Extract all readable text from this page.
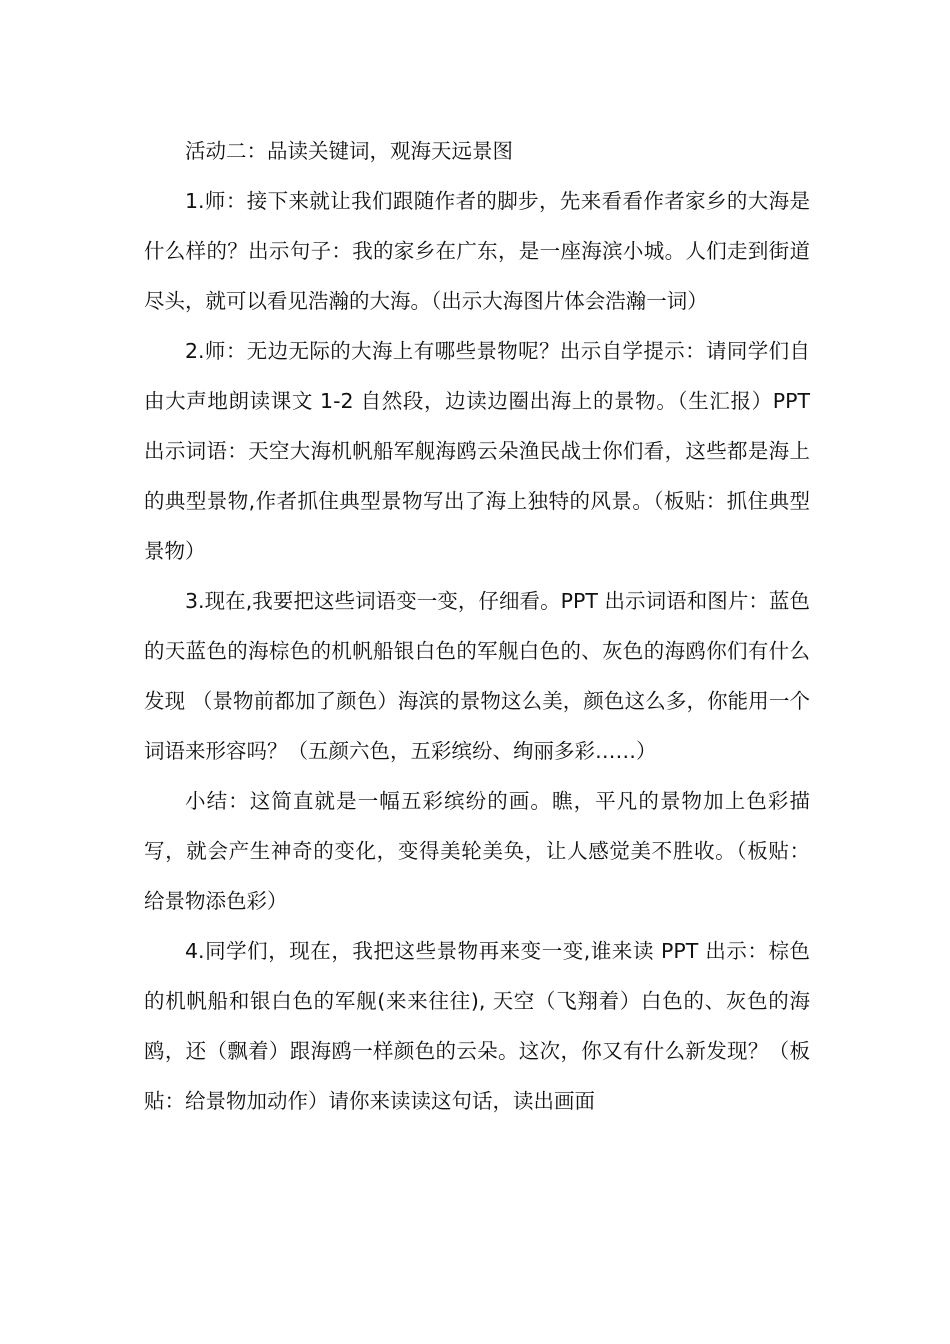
活动二：品读关键词，观海天远景图

1.师：接下来就让我们跟随作者的脚步，先来看看作者家乡的大海是什么样的？出示句子：我的家乡在广东，是一座海滨小城。人们走到街道尽头，就可以看见浩瀚的大海。（出示大海图片体会浩瀚一词）

2.师：无边无际的大海上有哪些景物呢？出示自学提示：请同学们自由大声地朗读课文 1-2 自然段，边读边圈出海上的景物。（生汇报）PPT 出示词语：天空大海机帆船军舰海鸥云朵渔民战士你们看，这些都是海上的典型景物,作者抓住典型景物写出了海上独特的风景。（板贴：抓住典型景物）

3.现在,我要把这些词语变一变，仔细看。PPT 出示词语和图片：蓝色的天蓝色的海棕色的机帆船银白色的军舰白色的、灰色的海鸥你们有什么发现 （景物前都加了颜色）海滨的景物这么美，颜色这么多，你能用一个词语来形容吗？（五颜六色，五彩缤纷、绚丽多彩……）

小结：这简直就是一幅五彩缤纷的画。瞧，平凡的景物加上色彩描写，就会产生神奇的变化，变得美轮美奂，让人感觉美不胜收。（板贴：给景物添色彩）

4.同学们，现在，我把这些景物再来变一变,谁来读 PPT 出示：棕色的机帆船和银白色的军舰(来来往往), 天空（飞翔着）白色的、灰色的海鸥，还（飘着）跟海鸥一样颜色的云朵。这次，你又有什么新发现？（板贴：给景物加动作）请你来读读这句话，读出画面
